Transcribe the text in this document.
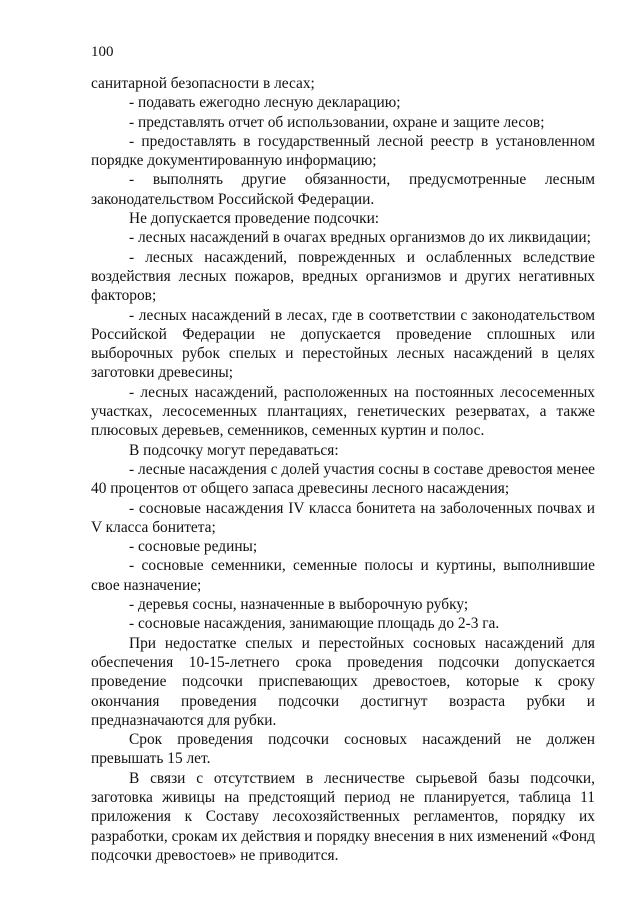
100

санитарной безопасности в лесах;

- подавать ежегодно лесную декларацию;

- представлять отчет об использовании, охране и защите лесов;

- предоставлять в государственный лесной реестр в установленном порядке документированную информацию;

- выполнять другие обязанности, предусмотренные лесным законодательством Российской Федерации.

Не допускается проведение подсочки:

- лесных насаждений в очагах вредных организмов до их ликвидации;

- лесных насаждений, поврежденных и ослабленных вследствие воздействия лесных пожаров, вредных организмов и других негативных факторов;

- лесных насаждений в лесах, где в соответствии с законодательством Российской Федерации не допускается проведение сплошных или выборочных рубок спелых и перестойных лесных насаждений в целях заготовки древесины;

- лесных насаждений, расположенных на постоянных лесосеменных участках, лесосеменных плантациях, генетических резерватах, а также плюсовых деревьев, семенников, семенных куртин и полос.

В подсочку могут передаваться:

- лесные насаждения с долей участия сосны в составе древостоя менее 40 процентов от общего запаса древесины лесного насаждения;

- сосновые насаждения IV класса бонитета на заболоченных почвах и V класса бонитета;

- сосновые редины;

- сосновые семенники, семенные полосы и куртины, выполнившие свое назначение;

- деревья сосны, назначенные в выборочную рубку;

- сосновые насаждения, занимающие площадь до 2-3 га.

При недостатке спелых и перестойных сосновых насаждений для обеспечения 10-15-летнего срока проведения подсочки допускается проведение подсочки приспевающих древостоев, которые к сроку окончания проведения подсочки достигнут возраста рубки и предназначаются для рубки.

Срок проведения подсочки сосновых насаждений не должен превышать 15 лет.

В связи с отсутствием в лесничестве сырьевой базы подсочки, заготовка живицы на предстоящий период не планируется, таблица 11 приложения к Составу лесохозяйственных регламентов, порядку их разработки, срокам их действия и порядку внесения в них изменений «Фонд подсочки древостоев» не приводится.
